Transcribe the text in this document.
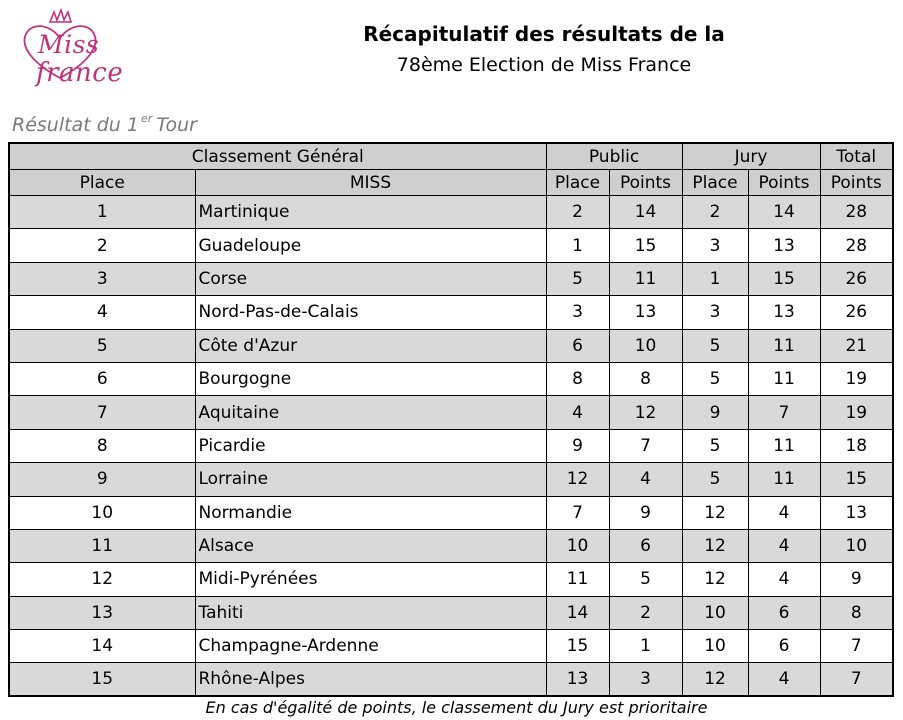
Miss
france
Récapitulatif des résultats de la
78ème Election de Miss France
Résultat du 1 $^{er}$ Tour
Classement Général		Public		Jury		Total
Place	MISS	Place	Points	Place	Points	Points
1	Martinique	2	14	2	14	28
2	Guadeloupe	1	15	3	13	28
3	Corse	5	11	1	15	26
4	Nord-Pas-de-Calais	3	13	3	13	26
5	Côte d'Azur	6	10	5	11	21
6	Bourgogne	8	8	5	11	19
7	Aquitaine	4	12	9	7	19
8	Picardie	9	7	5	11	18
9	Lorraine	12	4	5	11	15
10	Normandie	7	9	12	4	13
11	Alsace	10	6	12	4	10
12	Midi-Pyrénées	11	5	12	4	9
13	Tahiti	14	2	10	6	8
14	Champagne-Ardenne	15	1	10	6	7
15	Rhône-Alpes	13	3	12	4	7
En cas d'égalité de points, le classement du Jury est prioritaire
